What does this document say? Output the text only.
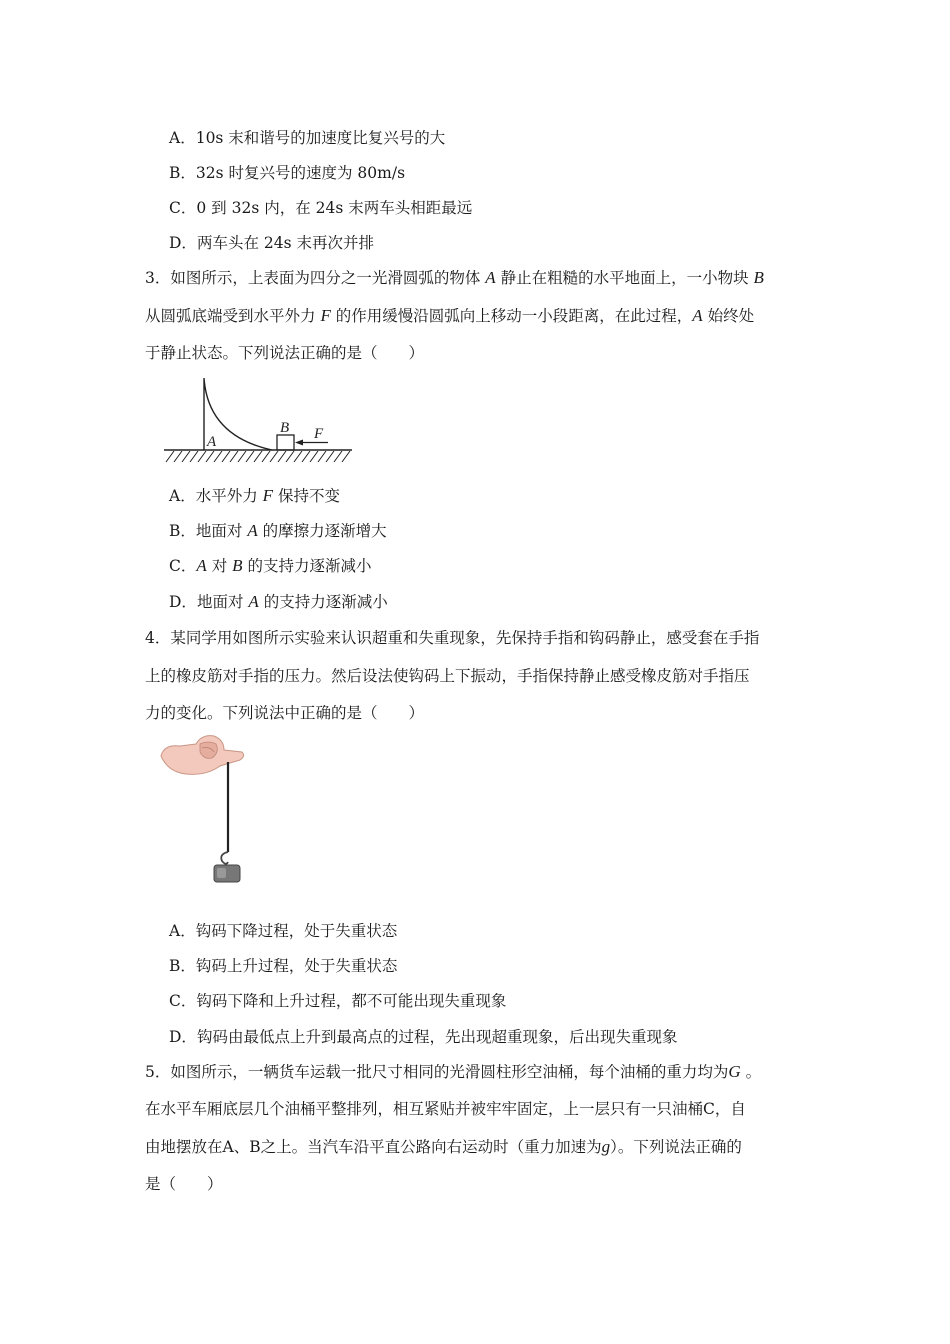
A．10s 末和谐号的加速度比复兴号的大
B．32s 时复兴号的速度为 80m/s
C．0 到 32s 内，在 24s 末两车头相距最远
D．两车头在 24s 末再次并排
3．如图所示，上表面为四分之一光滑圆弧的物体 A 静止在粗糙的水平地面上，一小物块 B
从圆弧底端受到水平外力 F 的作用缓慢沿圆弧向上移动一小段距离，在此过程，A 始终处
于静止状态。下列说法正确的是（　　）
A
B F
A．水平外力 F 保持不变
B．地面对 A 的摩擦力逐渐增大
C．A 对 B 的支持力逐渐减小
D．地面对 A 的支持力逐渐减小
4．某同学用如图所示实验来认识超重和失重现象，先保持手指和钩码静止，感受套在手指
上的橡皮筋对手指的压力。然后设法使钩码上下振动，手指保持静止感受橡皮筋对手指压
力的变化。下列说法中正确的是（　　）
A．钩码下降过程，处于失重状态
B．钩码上升过程，处于失重状态
C．钩码下降和上升过程，都不可能出现失重现象
D．钩码由最低点上升到最高点的过程，先出现超重现象，后出现失重现象
5．如图所示，一辆货车运载一批尺寸相同的光滑圆柱形空油桶，每个油桶的重力均为G 。
在水平车厢底层几个油桶平整排列，相互紧贴并被牢牢固定，上一层只有一只油桶C，自
由地摆放在A、B之上。当汽车沿平直公路向右运动时（重力加速为g）。下列说法正确的
是（　　）
